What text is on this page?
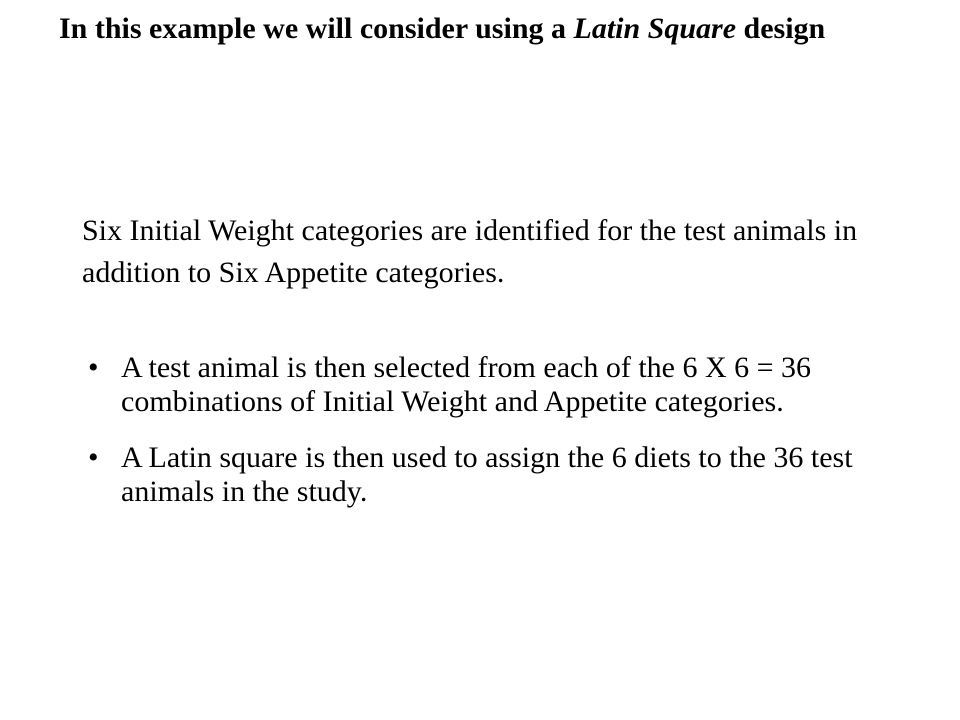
In this example we will consider using a Latin Square design

Six Initial Weight categories are identified for the test animals in addition to Six Appetite categories.

• A test animal is then selected from each of the 6 X 6 = 36 combinations of Initial Weight and Appetite categories.
• A Latin square is then used to assign the 6 diets to the 36 test animals in the study.
